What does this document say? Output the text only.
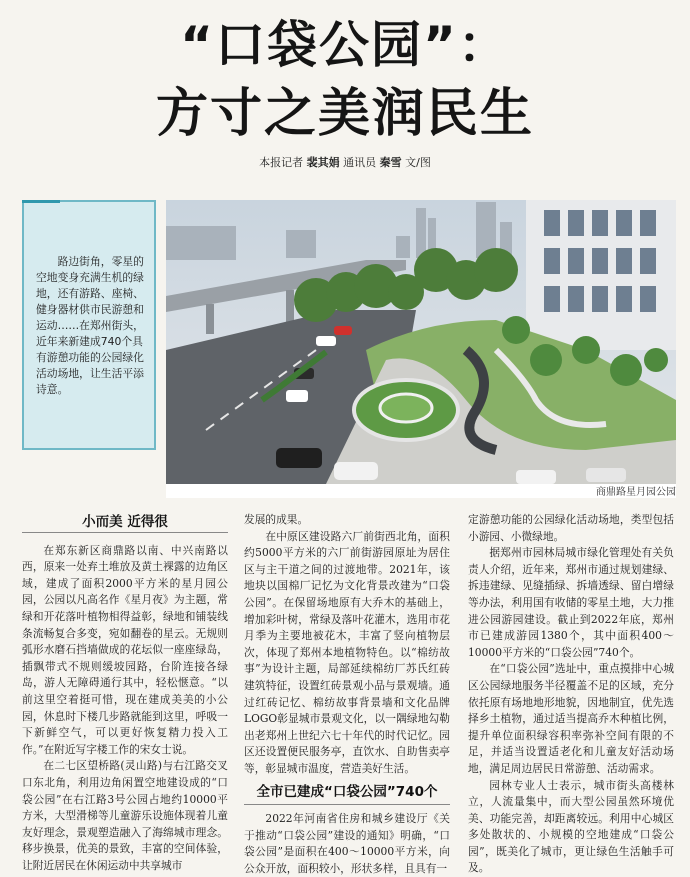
“口袋公园”：
方寸之美润民生
本报记者 裴其娟 通讯员 秦雪 文/图
路边街角，零星的空地变身充满生机的绿地，还有游路、座椅、健身器材供市民游憩和运动……在郑州街头，近年来新建成740个具有游憩功能的公园绿化活动场地，让生活平添诗意。
商鼎路星月园公园
小而美 近得很

在郑东新区商鼎路以南、中兴南路以西，原来一处弃土堆放及黄土裸露的边角区域，建成了面积2000平方米的星月园公园，公园以凡高名作《星月夜》为主题，常绿和开花落叶植物相得益彰，绿地和铺装线条流畅复合多变，宛如翻卷的星云。无规则弧形水磨石挡墙做成的花坛似一座座绿岛，插飘带式不规则缓坡园路，台阶连接各绿岛，游人无障碍通行其中，轻松惬意。“以前这里空着挺可惜，现在建成美美的小公园，休息时下楼几步路就能到这里，呼吸一下新鲜空气，可以更好恢复精力投入工作。”在附近写字楼工作的宋女士说。

在二七区望桥路(灵山路)与右江路交叉口东北角，利用边角闲置空地建设成的“口袋公园”在右江路3号公园占地约10000平方米，大型滑梯等儿童游乐设施体现着儿童友好理念，景观塑造融入了海绵城市理念。移步换景，优美的景致，丰富的空间体验，让附近居民在休闲运动中共享城市

发展的成果。

在中原区建设路六厂前街西北角，面积约5000平方米的六厂前街游园原址为居住区与主干道之间的过渡地带。2021年，该地块以国棉厂记忆为文化背景改建为“口袋公园”。在保留场地原有大乔木的基础上，增加彩叶树，常绿及落叶花灌木，选用市花月季为主要地被花木，丰富了竖向植物层次，体现了郑州本地植物特色。以“棉纺故事”为设计主题，局部延续棉纺厂苏氏红砖建筑特征，设置红砖景观小品与景观墙。通过红砖记忆、棉纺故事背景墙和文化品牌LOGO彰显城市景观文化，以一隅绿地勾勒出老郑州上世纪六七十年代的时代记忆。园区还设置便民服务亭，直饮水、自助售卖亭等，彰显城市温度，营造美好生活。

全市已建成“口袋公园”740个

2022年河南省住房和城乡建设厅《关于推动“口袋公园”建设的通知》明确，“口袋公园”是面积在400～10000平方米，向公众开放，面积较小，形状多样，且具有一

定游憩功能的公园绿化活动场地，类型包括小游园、小微绿地。

据郑州市园林局城市绿化管理处有关负责人介绍，近年来，郑州市通过规划建绿、拆违建绿、见缝插绿、拆墙透绿、留白增绿等办法，利用国有收储的零星土地，大力推进公园游园建设。截止到2022年底，郑州市已建成游园1380个，其中面积400～10000平方米的“口袋公园”740个。

在“口袋公园”选址中，重点摸排中心城区公园绿地服务半径覆盖不足的区域，充分依托原有场地地形地貌，因地制宜，优先选择乡土植物，通过适当提高乔木种植比例，提升单位面积绿容积率弥补空间有限的不足，并适当设置适老化和儿童友好活动场地，满足周边居民日常游憩、活动需求。

园林专业人士表示，城市街头高楼林立，人流量集中，而大型公园虽然环境优美、功能完善，却距离较远。利用中心城区多处散状的、小规模的空地建成“口袋公园”，既美化了城市，更让绿色生活触手可及。
